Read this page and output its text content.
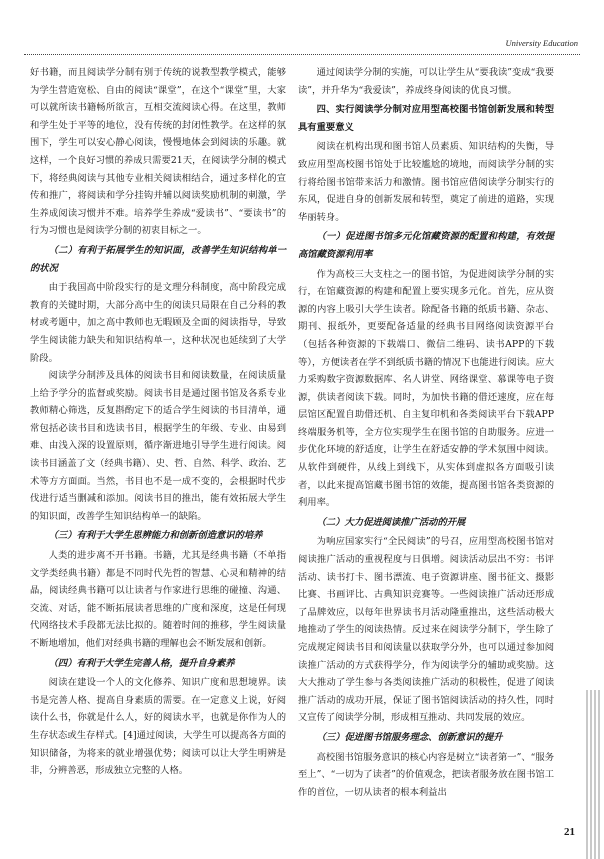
University Education

好书籍，而且阅读学分制有别于传统的说教型教学模式，能够为学生营造宽松、自由的阅读“课堂”，在这个“课堂”里，大家可以就所读书籍畅所欲言，互相交流阅读心得。在这里，教师和学生处于平等的地位，没有传统的封闭性教学。在这样的氛围下，学生可以安心静心阅读，慢慢地体会到阅读的乐趣。就这样，一个良好习惯的养成只需要21天，在阅读学分制的模式下，将经典阅读与其他专业相关阅读相结合，通过多样化的宣传和推广，将阅读和学分挂钩并辅以阅读奖励机制的刺激，学生养成阅读习惯并不难。培养学生养成“爱读书”、“要读书”的行为习惯也是阅读学分制的初衷目标之一。

（二）有利于拓展学生的知识面，改善学生知识结构单一的状况

由于我国高中阶段实行的是文理分科制度，高中阶段完成教育的关键时期，大部分高中生的阅读只局限在自己分科的教材或考题中，加之高中教师也无暇顾及全面的阅读指导，导致学生阅读能力缺失和知识结构单一，这种状况也延续到了大学阶段。

阅读学分制涉及具体的阅读书目和阅读数量，在阅读质量上给予学分的监督或奖励。阅读书目是通过图书馆及各系专业教师精心筛选，反复斟酌定下的适合学生阅读的书目清单，通常包括必读书目和选读书目，根据学生的年级、专业、由易到难、由浅入深的设置原则，循序渐进地引导学生进行阅读。阅读书目涵盖了文（经典书籍）、史、哲、自然、科学、政治、艺术等方方面面。当然，书目也不是一成不变的，会根据时代步伐进行适当删减和添加。阅读书目的推出，能有效拓展大学生的知识面，改善学生知识结构单一的缺陷。

（三）有利于大学生思辨能力和创新创造意识的培养

人类的进步离不开书籍。书籍，尤其是经典书籍（不单指文学类经典书籍）都是不同时代先哲的智慧、心灵和精神的结晶，阅读经典书籍可以让读者与作家进行思维的碰撞、沟通、交流、对话，能不断拓展读者思维的广度和深度，这是任何现代网络技术手段都无法比拟的。随着时间的推移，学生阅读量不断地增加，他们对经典书籍的理解也会不断发展和创新。

（四）有利于大学生完善人格，提升自身素养

阅读在建设一个人的文化修养、知识广度和思想境界。读书是完善人格、提高自身素质的需要。在一定意义上说，好阅读什么书，你就是什么人，好的阅读水平，也就是你作为人的生存状态或生存样式。[4]通过阅读，大学生可以提高各方面的知识储备，为将来的就业增强优势；阅读可以让大学生明辨是非，分辨善恶，形成独立完整的人格。

通过阅读学分制的实施，可以让学生从“要我读”变成“我要读”，并升华为“我爱读”，养成终身阅读的优良习惯。

四、实行阅读学分制对应用型高校图书馆创新发展和转型具有重要意义

阅读在机构出现和图书馆人员素质、知识结构的失衡，导致应用型高校图书馆处于比较尴尬的境地，而阅读学分制的实行将给图书馆带来活力和激情。图书馆应借阅读学分制实行的东风，促进自身的创新发展和转型，奠定了前进的道路，实现华丽转身。

（一）促进图书馆多元化馆藏资源的配置和构建，有效提高馆藏资源利用率

作为高校三大支柱之一的图书馆，为促进阅读学分制的实行，在馆藏资源的构建和配置上要实现多元化。首先，应从资源的内容上吸引大学生读者。除配备书籍的纸质书籍、杂志、期刊、报纸外，更要配备适量的经典书目网络阅读资源平台（包括各种资源的下载端口、微信二维码、读书APP的下载等），方便读者在学不到纸质书籍的情况下也能进行阅读。应大力采购数字资源数据库、名人讲堂、网络课堂、慕课等电子资源，供读者阅读下载。同时，为加快书籍的借还速度，应在每层馆区配置自助借还机、自主复印机和各类阅读平台下载APP终端服务机等，全方位实现学生在图书馆的自助服务。应进一步优化环境的舒适度，让学生在舒适安静的学术氛围中阅读。从软件到硬件，从线上到线下，从实体到虚拟各方面吸引读者，以此来提高馆藏书图书馆的效能，提高图书馆各类资源的利用率。

（二）大力促进阅读推广活动的开展

为响应国家实行“全民阅读”的号召，应用型高校图书馆对阅读推广活动的重视程度与日俱增。阅读活动层出不穷：书评活动、读书打卡、图书漂流、电子资源讲座、图书征文、摄影比赛、书画评比、古典知识竞赛等。一些阅读推广活动还形成了品牌效应，以每年世界读书月活动隆重推出，这些活动极大地推动了学生的阅读热情。反过来在阅读学分制下，学生除了完成规定阅读书目和阅读量以获取学分外，也可以通过参加阅读推广活动的方式获得学分，作为阅读学分的辅助或奖励。这大大推动了学生参与各类阅读推广活动的积极性，促进了阅读推广活动的成功开展，保证了图书馆阅读活动的持久性，同时又宣传了阅读学分制，形成相互推动、共同发展的效应。

（三）促进图书馆服务理念、创新意识的提升

高校图书馆服务意识的核心内容是树立“读者第一”、“服务至上”、“一切为了读者”的价值观念，把读者服务放在图书馆工作的首位，一切从读者的根本利益出

21
